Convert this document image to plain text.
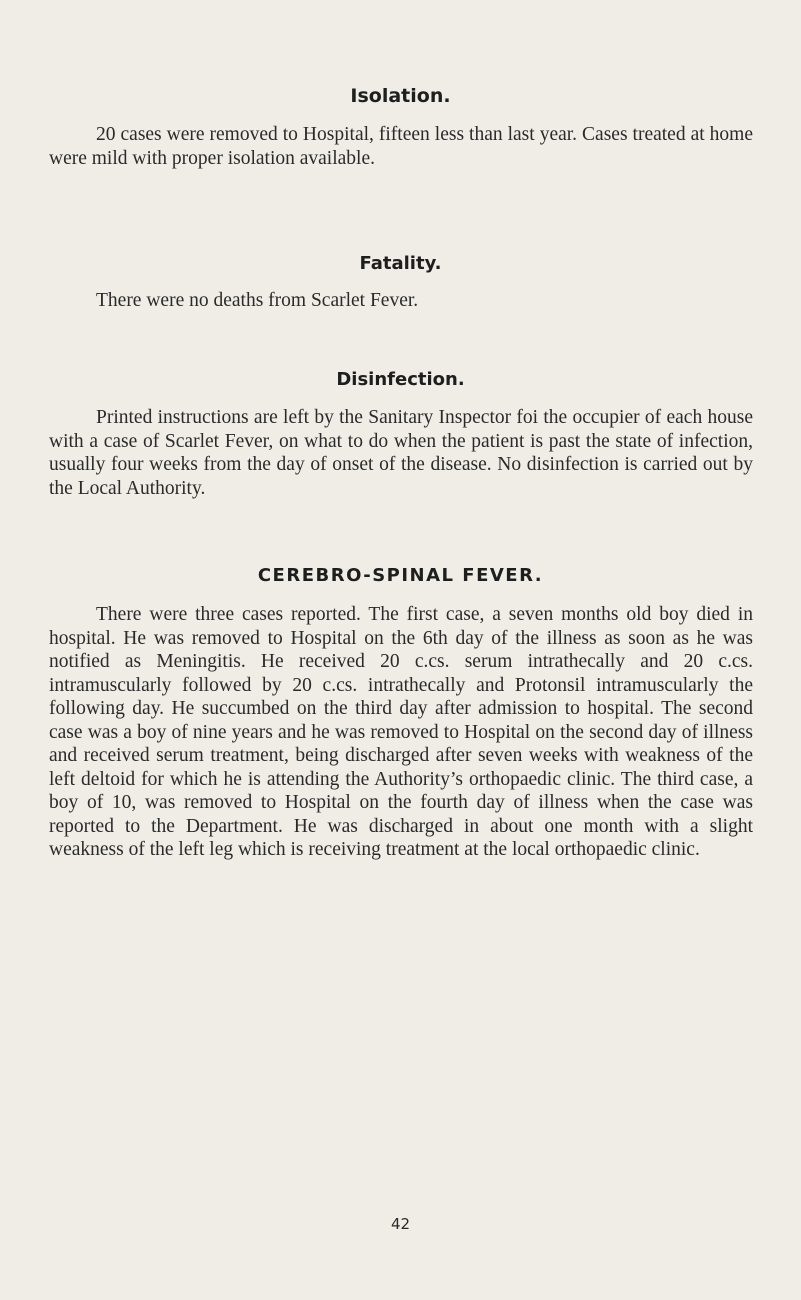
Isolation.

20 cases were removed to Hospital, fifteen less than last year. Cases treated at home were mild with proper isolation available.

Fatality.

There were no deaths from Scarlet Fever.

Disinfection.

Printed instructions are left by the Sanitary Inspector foi the occupier of each house with a case of Scarlet Fever, on what to do when the patient is past the state of infection, usually four weeks from the day of onset of the disease. No disinfection is carried out by the Local Authority.

CEREBRO-SPINAL FEVER.

There were three cases reported. The first case, a seven months old boy died in hospital. He was removed to Hospital on the 6th day of the illness as soon as he was notified as Meningitis. He received 20 c.cs. serum intrathecally and 20 c.cs. intramuscularly followed by 20 c.cs. intrathecally and Protonsil intramuscularly the following day. He succumbed on the third day after admission to hospital. The second case was a boy of nine years and he was removed to Hospital on the second day of illness and received serum treatment, being discharged after seven weeks with weakness of the left deltoid for which he is attending the Authority’s orthopaedic clinic. The third case, a boy of 10, was removed to Hospital on the fourth day of illness when the case was reported to the Department. He was discharged in about one month with a slight weakness of the left leg which is receiving treatment at the local orthopaedic clinic.

42
